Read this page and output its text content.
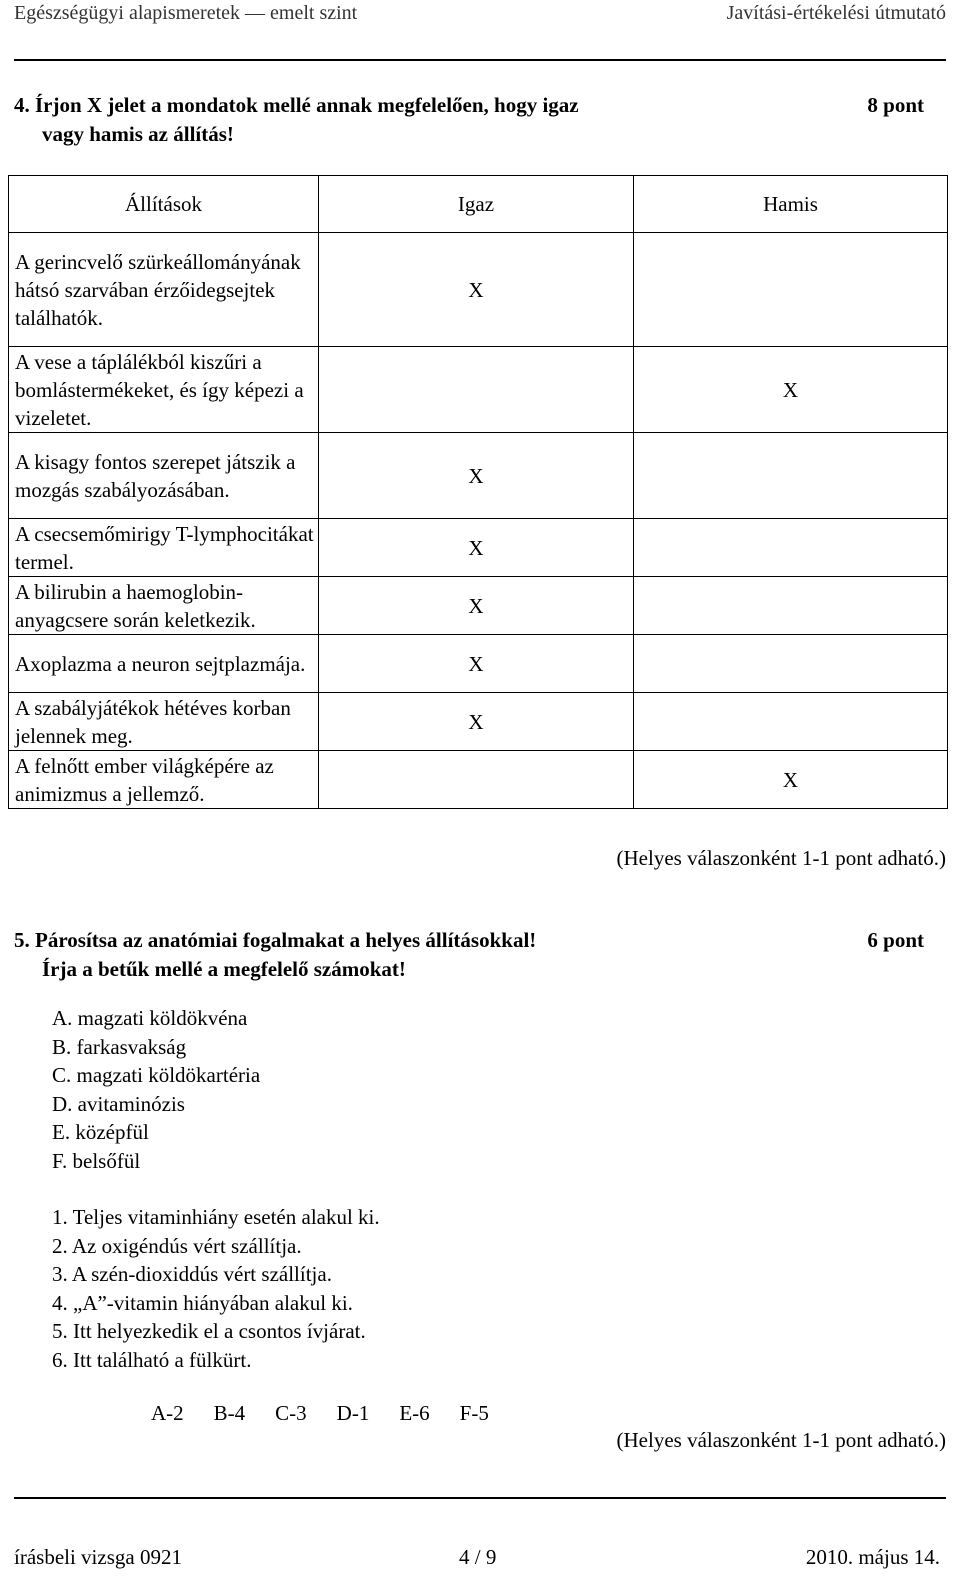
Egészségügyi alapismeretek — emelt szint	Javítási-értékelési útmutató
4. Írjon X jelet a mondatok mellé annak megfelelően, hogy igaz
vagy hamis az állítás!
8 pont
Állítások	Igaz	Hamis
A gerincvelő szürkeállományának hátsó szarvában érzőidegsejtek találhatók.	X	
A vese a táplálékból kiszűri a bomlástermékeket, és így képezi a vizeletet.		X
A kisagy fontos szerepet játszik a mozgás szabályozásában.	X	
A csecsemőmirigy T-lymphocitákat termel.	X	
A bilirubin a haemoglobin-anyagcsere során keletkezik.	X	
Axoplazma a neuron sejtplazmája.	X	
A szabályjátékok hétéves korban jelennek meg.	X	
A felnőtt ember világképére az animizmus a jellemző.		X
(Helyes válaszonként 1-1 pont adható.)
5. Párosítsa az anatómiai fogalmakat a helyes állításokkal!
Írja a betűk mellé a megfelelő számokat!
6 pont
A. magzati köldökvéna
B. farkasvakság
C. magzati köldökartéria
D. avitaminózis
E. középfül
F. belsőfül
1. Teljes vitaminhiány esetén alakul ki.
2. Az oxigéndús vért szállítja.
3. A szén-dioxiddús vért szállítja.
4. „A”-vitamin hiányában alakul ki.
5. Itt helyezkedik el a csontos ívjárat.
6. Itt található a fülkürt.
A-2 B-4 C-3 D-1 E-6 F-5
(Helyes válaszonként 1-1 pont adható.)
írásbeli vizsga 0921	4 / 9	2010. május 14.
